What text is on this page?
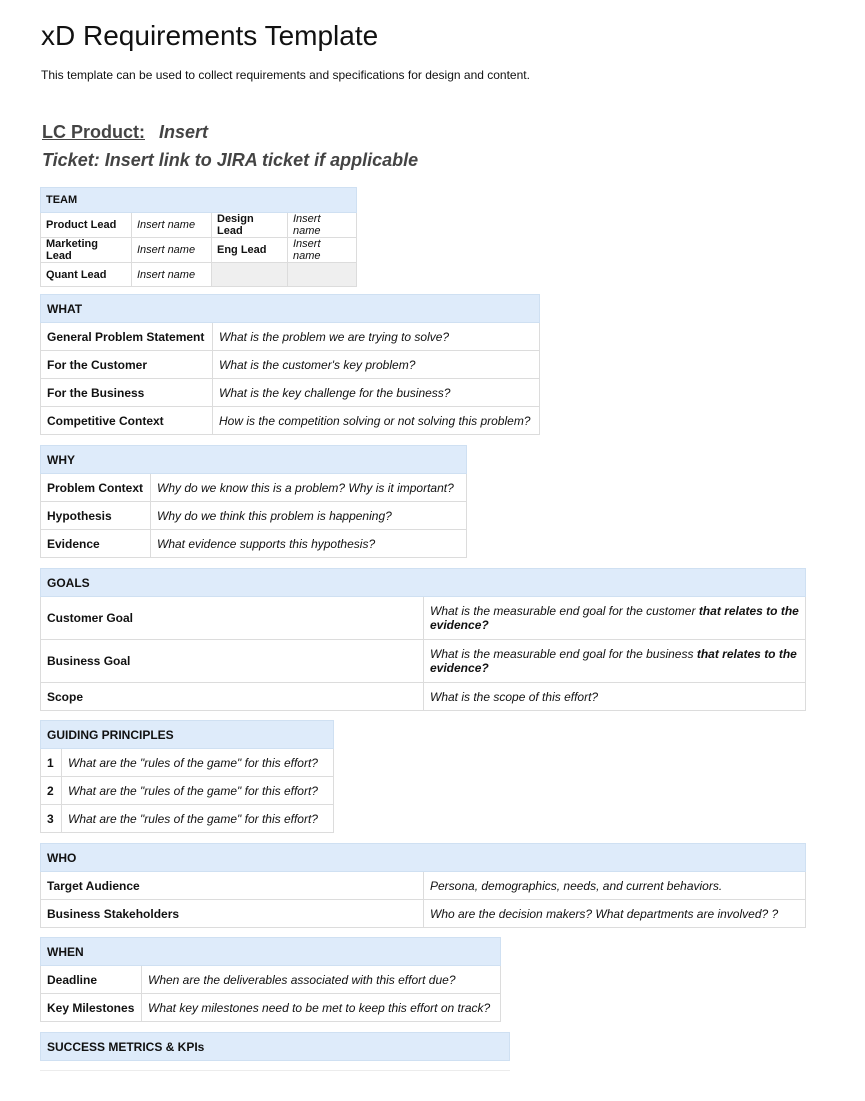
xD Requirements Template

This template can be used to collect requirements and specifications for design and content.

LC Product: Insert
Ticket: Insert link to JIRA ticket if applicable
TEAM			
Product Lead	Insert name	Design Lead	Insert name
Marketing Lead	Insert name	Eng Lead	Insert name
Quant Lead	Insert name		
WHAT	
General Problem Statement	What is the problem we are trying to solve?
For the Customer	What is the customer's key problem?
For the Business	What is the key challenge for the business?
Competitive Context	How is the competition solving or not solving this problem?
WHY	
Problem Context	Why do we know this is a problem? Why is it important?
Hypothesis	Why do we think this problem is happening?
Evidence	What evidence supports this hypothesis?
GOALS	
Customer Goal	What is the measurable end goal for the customer that relates to the evidence?
Business Goal	What is the measurable end goal for the business that relates to the evidence?
Scope	What is the scope of this effort?
GUIDING PRINCIPLES	
1	What are the "rules of the game" for this effort?
2	What are the "rules of the game" for this effort?
3	What are the "rules of the game" for this effort?
WHO	
Target Audience	Persona, demographics, needs, and current behaviors.
Business Stakeholders	Who are the decision makers? What departments are involved? ?
WHEN	
Deadline	When are the deliverables associated with this effort due?
Key Milestones	What key milestones need to be met to keep this effort on track?
SUCCESS METRICS & KPIs
